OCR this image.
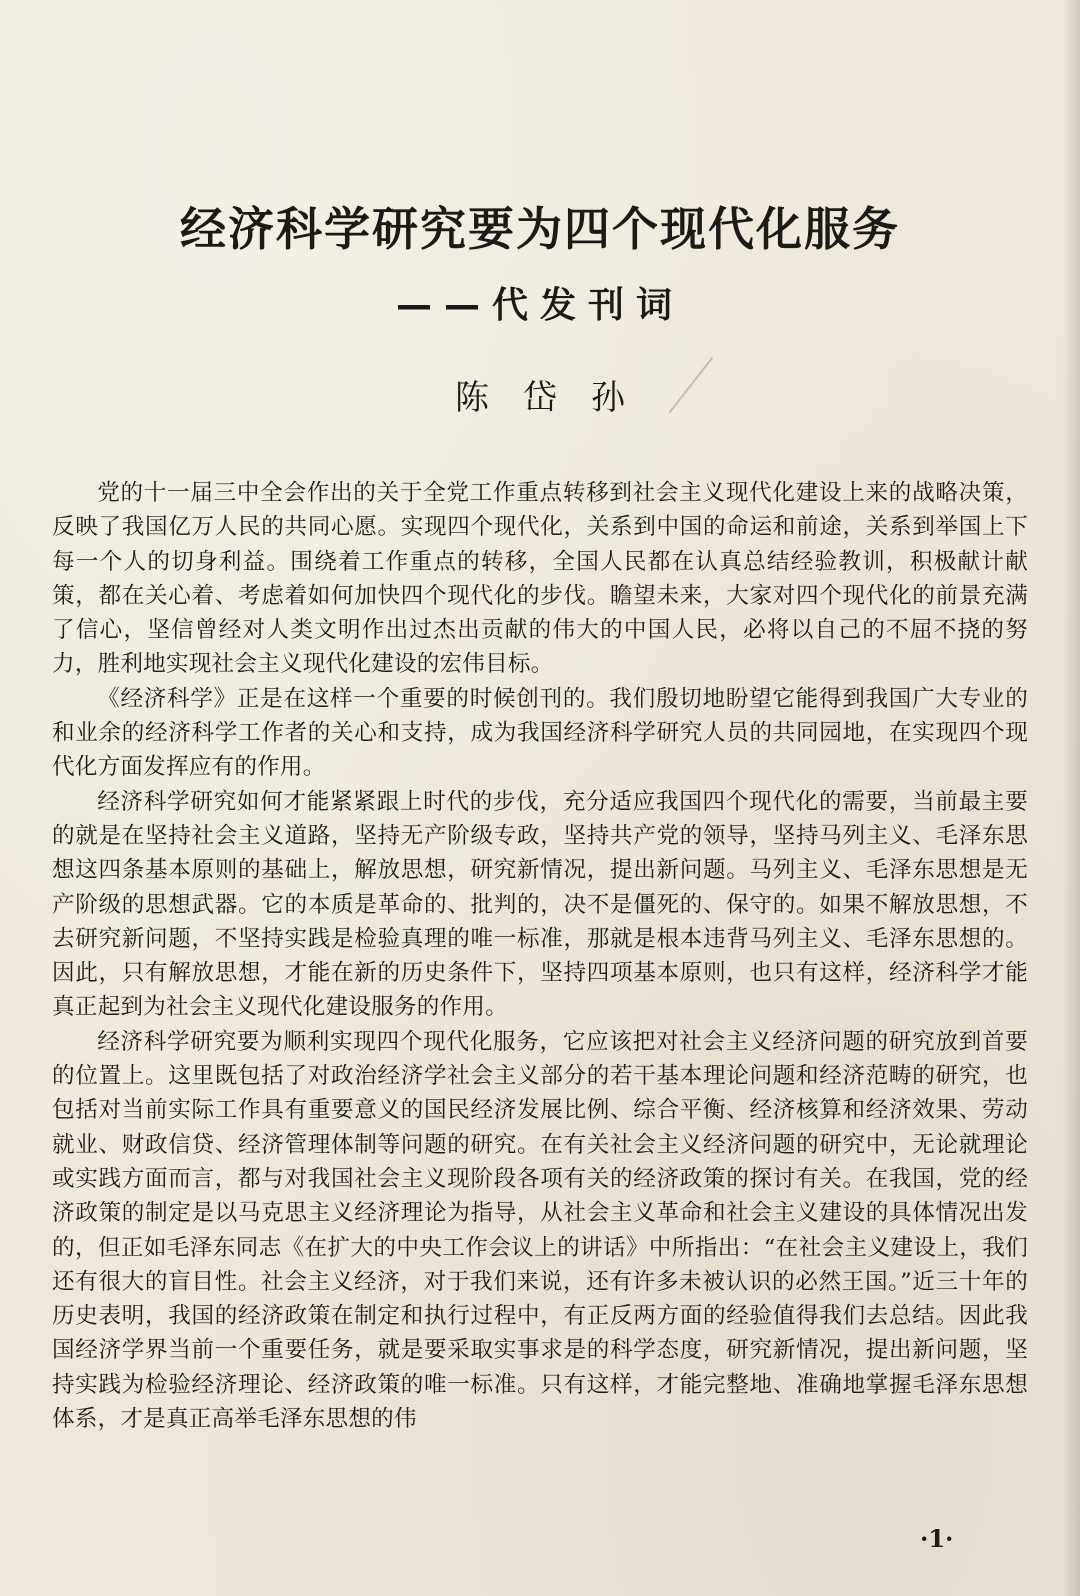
经济科学研究要为四个现代化服务
——代发刊词
陈岱孙

党的十一届三中全会作出的关于全党工作重点转移到社会主义现代化建设上来的战略决策，反映了我国亿万人民的共同心愿。实现四个现代化，关系到中国的命运和前途，关系到举国上下每一个人的切身利益。围绕着工作重点的转移，全国人民都在认真总结经验教训，积极献计献策，都在关心着、考虑着如何加快四个现代化的步伐。瞻望未来，大家对四个现代化的前景充满了信心，坚信曾经对人类文明作出过杰出贡献的伟大的中国人民，必将以自己的不屈不挠的努力，胜利地实现社会主义现代化建设的宏伟目标。

《经济科学》正是在这样一个重要的时候创刊的。我们殷切地盼望它能得到我国广大专业的和业余的经济科学工作者的关心和支持，成为我国经济科学研究人员的共同园地，在实现四个现代化方面发挥应有的作用。

经济科学研究如何才能紧紧跟上时代的步伐，充分适应我国四个现代化的需要，当前最主要的就是在坚持社会主义道路，坚持无产阶级专政，坚持共产党的领导，坚持马列主义、毛泽东思想这四条基本原则的基础上，解放思想，研究新情况，提出新问题。马列主义、毛泽东思想是无产阶级的思想武器。它的本质是革命的、批判的，决不是僵死的、保守的。如果不解放思想，不去研究新问题，不坚持实践是检验真理的唯一标准，那就是根本违背马列主义、毛泽东思想的。因此，只有解放思想，才能在新的历史条件下，坚持四项基本原则，也只有这样，经济科学才能真正起到为社会主义现代化建设服务的作用。

经济科学研究要为顺利实现四个现代化服务，它应该把对社会主义经济问题的研究放到首要的位置上。这里既包括了对政治经济学社会主义部分的若干基本理论问题和经济范畴的研究，也包括对当前实际工作具有重要意义的国民经济发展比例、综合平衡、经济核算和经济效果、劳动就业、财政信贷、经济管理体制等问题的研究。在有关社会主义经济问题的研究中，无论就理论或实践方面而言，都与对我国社会主义现阶段各项有关的经济政策的探讨有关。在我国，党的经济政策的制定是以马克思主义经济理论为指导，从社会主义革命和社会主义建设的具体情况出发的，但正如毛泽东同志《在扩大的中央工作会议上的讲话》中所指出：“在社会主义建设上，我们还有很大的盲目性。社会主义经济，对于我们来说，还有许多未被认识的必然王国。”近三十年的历史表明，我国的经济政策在制定和执行过程中，有正反两方面的经验值得我们去总结。因此我国经济学界当前一个重要任务，就是要采取实事求是的科学态度，研究新情况，提出新问题，坚持实践为检验经济理论、经济政策的唯一标准。只有这样，才能完整地、准确地掌握毛泽东思想体系，才是真正高举毛泽东思想的伟

·1·
